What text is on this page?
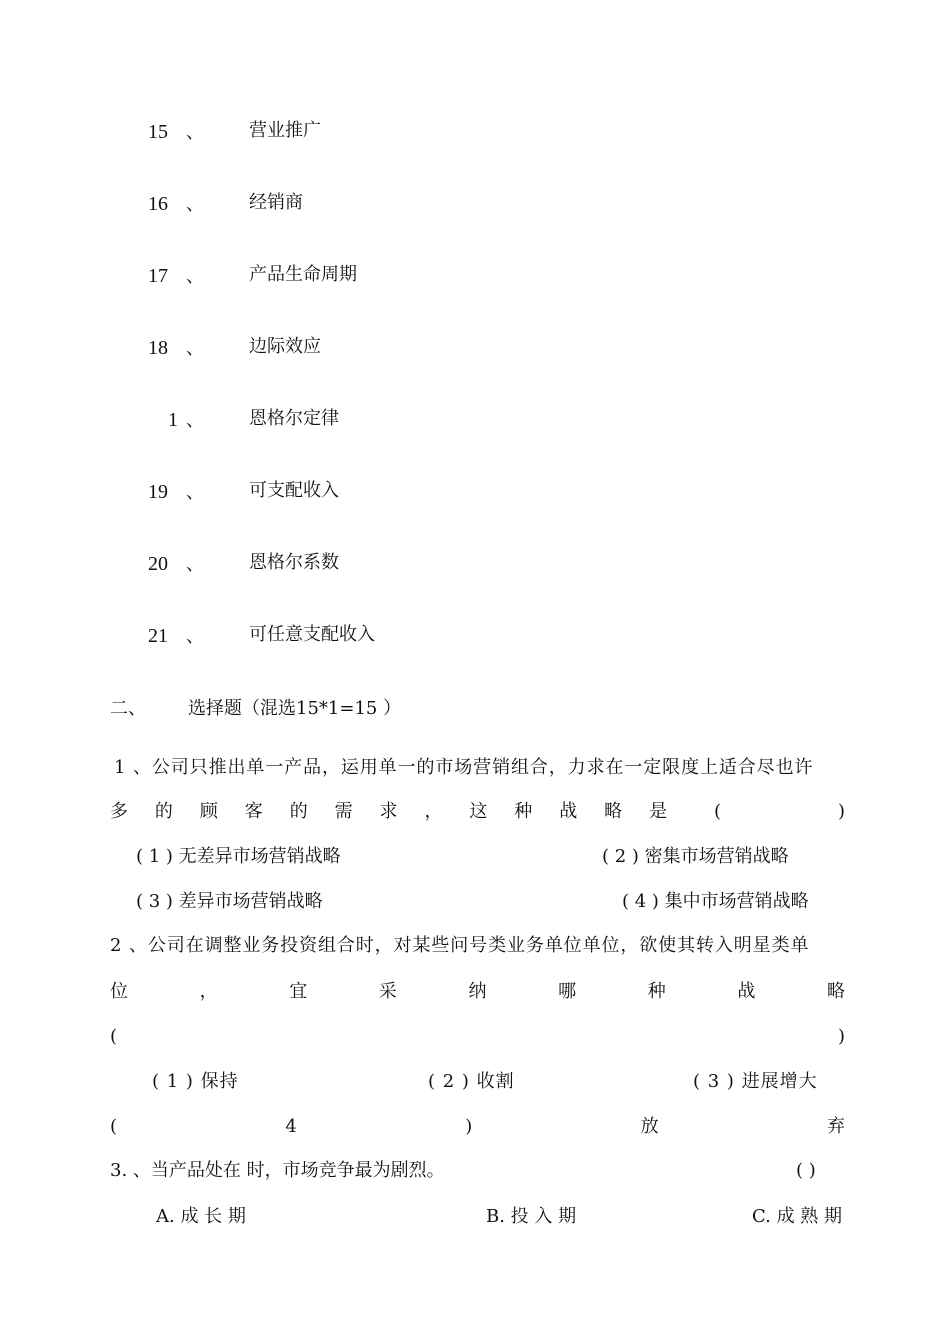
15 、	营业推广
16 、	经销商
17 、	产品生命周期
18 、	边际效应
1 、	恩格尔定律
19 、	可支配收入
20 、	恩格尔系数
21 、	可任意支配收入
二、 选择题（混选15*1=15 ）
1 、公司只推出单一产品，运用单一的市场营销组合，力求在一定限度上适合尽也许
多 的 顾 客 的 需 求 ， 这 种 战 略 是	(	)
( 1 ) 无差异市场营销战略	( 2 ) 密集市场营销战略
( 3 ) 差异市场营销战略	( 4 ) 集中市场营销战略
2 、公司在调整业务投资组合时，对某些问号类业务单位单位，欲使其转入明星类单
位	，	宜	采	纳	哪	种	战	略
(	)
( 1 ) 保持	( 2 ) 收割	( 3 ) 进展增大
(	4	)	放	弃
3. 、当产品处在 时，市场竞争最为剧烈。	( )
A. 成 长 期	B. 投 入 期	C. 成 熟 期
